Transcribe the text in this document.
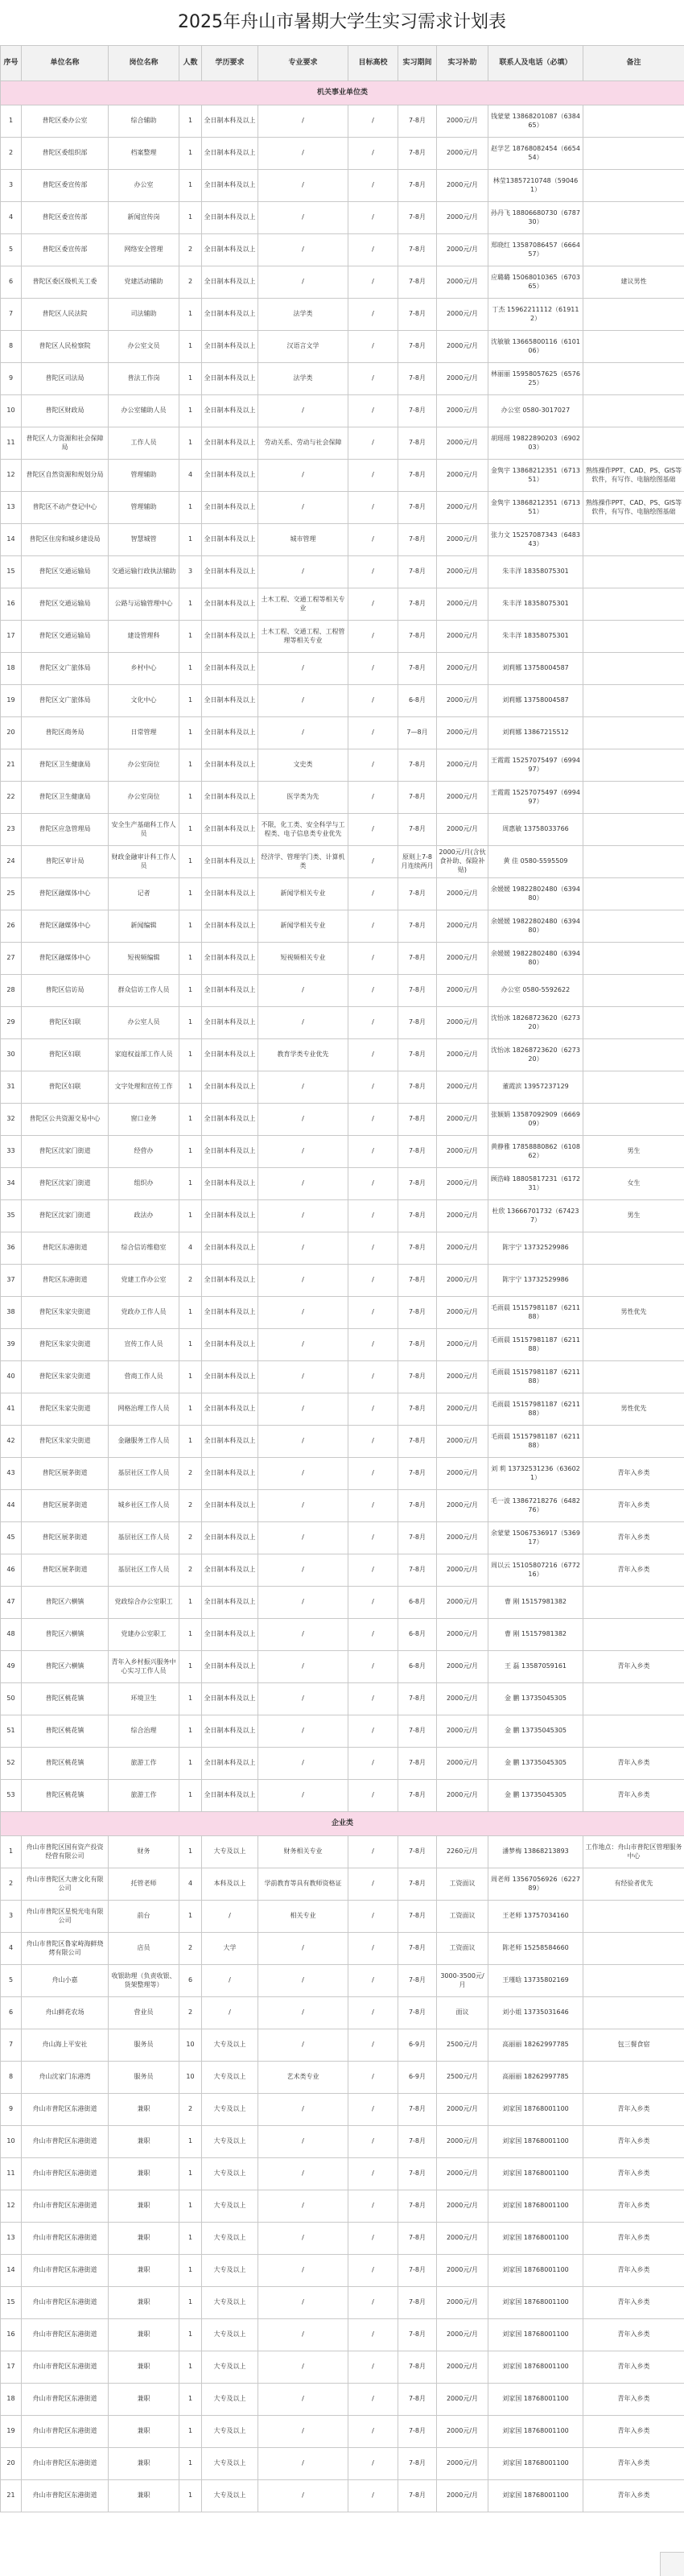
2025年舟山市暑期大学生实习需求计划表
序号	单位名称	岗位名称	人数	学历要求	专业要求	目标高校	实习期间	实习补助	联系人及电话（必填）	备注
机关事业单位类										
1	普陀区委办公室	综合辅助	1	全日制本科及以上	/	/	7-8月	2000元/月	钱蒙蒙 13868201087（638465）	
2	普陀区委组织部	档案整理	1	全日制本科及以上	/	/	7-8月	2000元/月	赵学艺 18768082454（665454）	
3	普陀区委宣传部	办公室	1	全日制本科及以上	/	/	7-8月	2000元/月	林莹13857210748（590461）	
4	普陀区委宣传部	新闻宣传岗	1	全日制本科及以上	/	/	7-8月	2000元/月	孙丹飞 18806680730（678730）	
5	普陀区委宣传部	网络安全管理	2	全日制本科及以上	/	/	7-8月	2000元/月	郑晓红 13587086457（666457）	
6	普陀区委区级机关工委	党建活动辅助	2	全日制本科及以上	/	/	7-8月	2000元/月	应璐璐 15068010365（670365）	建议男性
7	普陀区人民法院	司法辅助	1	全日制本科及以上	法学类	/	7-8月	2000元/月	丁杰 15962211112（619112）	
8	普陀区人民检察院	办公室文员	1	全日制本科及以上	汉语言文学	/	7-8月	2000元/月	沈敏敏 13665800116（610106）	
9	普陀区司法局	普法工作岗	1	全日制本科及以上	法学类	/	7-8月	2000元/月	林丽丽 15958057625（657625）	
10	普陀区财政局	办公室辅助人员	1	全日制本科及以上	/	/	7-8月	2000元/月	办公室 0580-3017027	
11	普陀区人力资源和社会保障局	工作人员	1	全日制本科及以上	劳动关系、劳动与社会保障	/	7-8月	2000元/月	胡瑶瑶 19822890203（690203）	
12	普陀区自然资源和规划分局	管理辅助	4	全日制本科及以上	/	/	7-8月	2000元/月	金隽宇 13868212351（671351）	熟练操作PPT、CAD、PS、GIS等软件，有写作、电脑绘图基础
13	普陀区不动产登记中心	管理辅助	1	全日制本科及以上	/	/	7-8月	2000元/月	金隽宇 13868212351（671351）	熟练操作PPT、CAD、PS、GIS等软件，有写作、电脑绘图基础
14	普陀区住房和城乡建设局	智慧城管	1	全日制本科及以上	城市管理	/	7-8月	2000元/月	张力文 15257087343（648343）	
15	普陀区交通运输局	交通运输行政执法辅助	3	全日制本科及以上	/	/	7-8月	2000元/月	朱丰洋 18358075301	
16	普陀区交通运输局	公路与运输管理中心	1	全日制本科及以上	土木工程、交通工程等相关专业	/	7-8月	2000元/月	朱丰洋 18358075301	
17	普陀区交通运输局	建设管理科	1	全日制本科及以上	土木工程、交通工程、工程管理等相关专业	/	7-8月	2000元/月	朱丰洋 18358075301	
18	普陀区文广旅体局	乡村中心	1	全日制本科及以上	/	/	7-8月	2000元/月	刘莉娜 13758004587	
19	普陀区文广旅体局	文化中心	1	全日制本科及以上	/	/	6-8月	2000元/月	刘莉娜 13758004587	
20	普陀区商务局	日常管理	1	全日制本科及以上	/	/	7—8月	2000元/月	刘莉娜 13867215512	
21	普陀区卫生健康局	办公室岗位	1	全日制本科及以上	文史类	/	7-8月	2000元/月	王霞霞 15257075497（699497）	
22	普陀区卫生健康局	办公室岗位	1	全日制本科及以上	医学类为先	/	7-8月	2000元/月	王霞霞 15257075497（699497）	
23	普陀区应急管理局	安全生产基础科工作人员	1	全日制本科及以上	不限，化工类、安全科学与工程类、电子信息类专业优先	/	7-8月	2000元/月	周惠敏 13758033766	
24	普陀区审计局	财政金融审计科工作人员	1	全日制本科及以上	经济学、管理学门类、计算机类	/	原则上7-8月连续两月	2000元/月(含伙食补助、保险补贴)	黄 佳 0580-5595509	
25	普陀区融媒体中心	记者	1	全日制本科及以上	新闻学相关专业	/	7-8月	2000元/月	余媛媛 19822802480（639480）	
26	普陀区融媒体中心	新闻编辑	1	全日制本科及以上	新闻学相关专业	/	7-8月	2000元/月	余媛媛 19822802480（639480）	
27	普陀区融媒体中心	短视频编辑	1	全日制本科及以上	短视频相关专业	/	7-8月	2000元/月	余媛媛 19822802480（639480）	
28	普陀区信访局	群众信访工作人员	1	全日制本科及以上	/	/	7-8月	2000元/月	办公室 0580-5592622	
29	普陀区妇联	办公室人员	1	全日制本科及以上	/	/	7-8月	2000元/月	沈怡冰 18268723620（627320）	
30	普陀区妇联	家庭权益部工作人员	1	全日制本科及以上	教育学类专业优先	/	7-8月	2000元/月	沈怡冰 18268723620（627320）	
31	普陀区妇联	文字处理和宣传工作	1	全日制本科及以上	/	/	7-8月	2000元/月	董霞滨 13957237129	
32	普陀区公共资源交易中心	窗口业务	1	全日制本科及以上	/	/	7-8月	2000元/月	张颖娟 13587092909（666909）	
33	普陀区沈家门街道	经营办	1	全日制本科及以上	/	/	7-8月	2000元/月	黄静雅 17858880862（610862）	男生
34	普陀区沈家门街道	组织办	1	全日制本科及以上	/	/	7-8月	2000元/月	顾浩峰 18805817231（617231）	女生
35	普陀区沈家门街道	政法办	1	全日制本科及以上	/	/	7-8月	2000元/月	杜欣 13666701732（674237）	男生
36	普陀区东港街道	综合信访维稳室	4	全日制本科及以上	/	/	7-8月	2000元/月	陈宇宁 13732529986	
37	普陀区东港街道	党建工作办公室	2	全日制本科及以上	/	/	7-8月	2000元/月	陈宇宁 13732529986	
38	普陀区朱家尖街道	党政办工作人员	1	全日制本科及以上	/	/	7-8月	2000元/月	毛雨晨 15157981187（621188）	男性优先
39	普陀区朱家尖街道	宣传工作人员	1	全日制本科及以上	/	/	7-8月	2000元/月	毛雨晨 15157981187（621188）	
40	普陀区朱家尖街道	营商工作人员	1	全日制本科及以上	/	/	7-8月	2000元/月	毛雨晨 15157981187（621188）	
41	普陀区朱家尖街道	网格治理工作人员	1	全日制本科及以上	/	/	7-8月	2000元/月	毛雨晨 15157981187（621188）	男性优先
42	普陀区朱家尖街道	金融服务工作人员	1	全日制本科及以上	/	/	7-8月	2000元/月	毛雨晨 15157981187（621188）	
43	普陀区展茅街道	基层社区工作人员	2	全日制本科及以上	/	/	7-8月	2000元/月	刘 莉 13732531236（636021）	青年入乡类
44	普陀区展茅街道	城乡社区工作人员	2	全日制本科及以上	/	/	7-8月	2000元/月	毛一波 13867218276（648276）	青年入乡类
45	普陀区展茅街道	基层社区工作人员	2	全日制本科及以上	/	/	7-8月	2000元/月	余蒙蒙 15067536917（536917）	青年入乡类
46	普陀区展茅街道	基层社区工作人员	2	全日制本科及以上	/	/	7-8月	2000元/月	周以云 15105807216（677216）	青年入乡类
47	普陀区六横镇	党政综合办公室职工	1	全日制本科及以上	/	/	6-8月	2000元/月	曹 刚 15157981382	
48	普陀区六横镇	党建办公室职工	1	全日制本科及以上	/	/	6-8月	2000元/月	曹 刚 15157981382	
49	普陀区六横镇	青年入乡村振兴服务中心实习工作人员	1	全日制本科及以上	/	/	6-8月	2000元/月	王 磊 13587059161	青年入乡类
50	普陀区桃花镇	环境卫生	1	全日制本科及以上	/	/	7-8月	2000元/月	金 鹏 13735045305	
51	普陀区桃花镇	综合治理	1	全日制本科及以上	/	/	7-8月	2000元/月	金 鹏 13735045305	
52	普陀区桃花镇	旅游工作	1	全日制本科及以上	/	/	7-8月	2000元/月	金 鹏 13735045305	青年入乡类
53	普陀区桃花镇	旅游工作	1	全日制本科及以上	/	/	7-8月	2000元/月	金 鹏 13735045305	青年入乡类
企业类										
1	舟山市普陀区国有资产投资经营有限公司	财务	1	大专及以上	财务相关专业	/	7-8月	2260元/月	潘梦梅 13868213893	工作地点：舟山市普陀区管理服务中心
2	舟山市普陀区大唐文化有限公司	托管老师	4	本科及以上	学前教育等具有教师资格证	/	7-8月	工资面议	周老师 13567056926（622789）	有经验者优先
3	舟山市普陀区星悦光电有限公司	前台	1	/	相关专业	/	7-8月	工资面议	王老师 13757034160	
4	舟山市普陀区鲁家峙海鲜烧烤有限公司	店员	2	大学	/	/	7-8月	工资面议	陈老师 15258584660	
5	舟山小嘉	收银助理（负责收银、货架整理等）	6	/	/	/	7-8月	3000-3500元/月	王瑾晗 13735802169	
6	舟山鲜花农场	营业员	2	/	/	/	7-8月	面议	刘小姐 13735031646	
7	舟山海上平安社	服务员	10	大专及以上	/	/	6-9月	2500元/月	高丽丽 18262997785	包三餐食宿
8	舟山沈家门东港湾	服务员	10	大专及以上	艺术类专业	/	6-9月	2500元/月	高丽丽 18262997785	
9	舟山市普陀区东港街道	兼职	2	大专及以上	/	/	7-8月	2000元/月	刘家国 18768001100	青年入乡类
10	舟山市普陀区东港街道	兼职	1	大专及以上	/	/	7-8月	2000元/月	刘家国 18768001100	青年入乡类
11	舟山市普陀区东港街道	兼职	1	大专及以上	/	/	7-8月	2000元/月	刘家国 18768001100	青年入乡类
12	舟山市普陀区东港街道	兼职	1	大专及以上	/	/	7-8月	2000元/月	刘家国 18768001100	青年入乡类
13	舟山市普陀区东港街道	兼职	1	大专及以上	/	/	7-8月	2000元/月	刘家国 18768001100	青年入乡类
14	舟山市普陀区东港街道	兼职	1	大专及以上	/	/	7-8月	2000元/月	刘家国 18768001100	青年入乡类
15	舟山市普陀区东港街道	兼职	1	大专及以上	/	/	7-8月	2000元/月	刘家国 18768001100	青年入乡类
16	舟山市普陀区东港街道	兼职	1	大专及以上	/	/	7-8月	2000元/月	刘家国 18768001100	青年入乡类
17	舟山市普陀区东港街道	兼职	1	大专及以上	/	/	7-8月	2000元/月	刘家国 18768001100	青年入乡类
18	舟山市普陀区东港街道	兼职	1	大专及以上	/	/	7-8月	2000元/月	刘家国 18768001100	青年入乡类
19	舟山市普陀区东港街道	兼职	1	大专及以上	/	/	7-8月	2000元/月	刘家国 18768001100	青年入乡类
20	舟山市普陀区东港街道	兼职	1	大专及以上	/	/	7-8月	2000元/月	刘家国 18768001100	青年入乡类
21	舟山市普陀区东港街道	兼职	1	大专及以上	/	/	7-8月	2000元/月	刘家国 18768001100	青年入乡类
